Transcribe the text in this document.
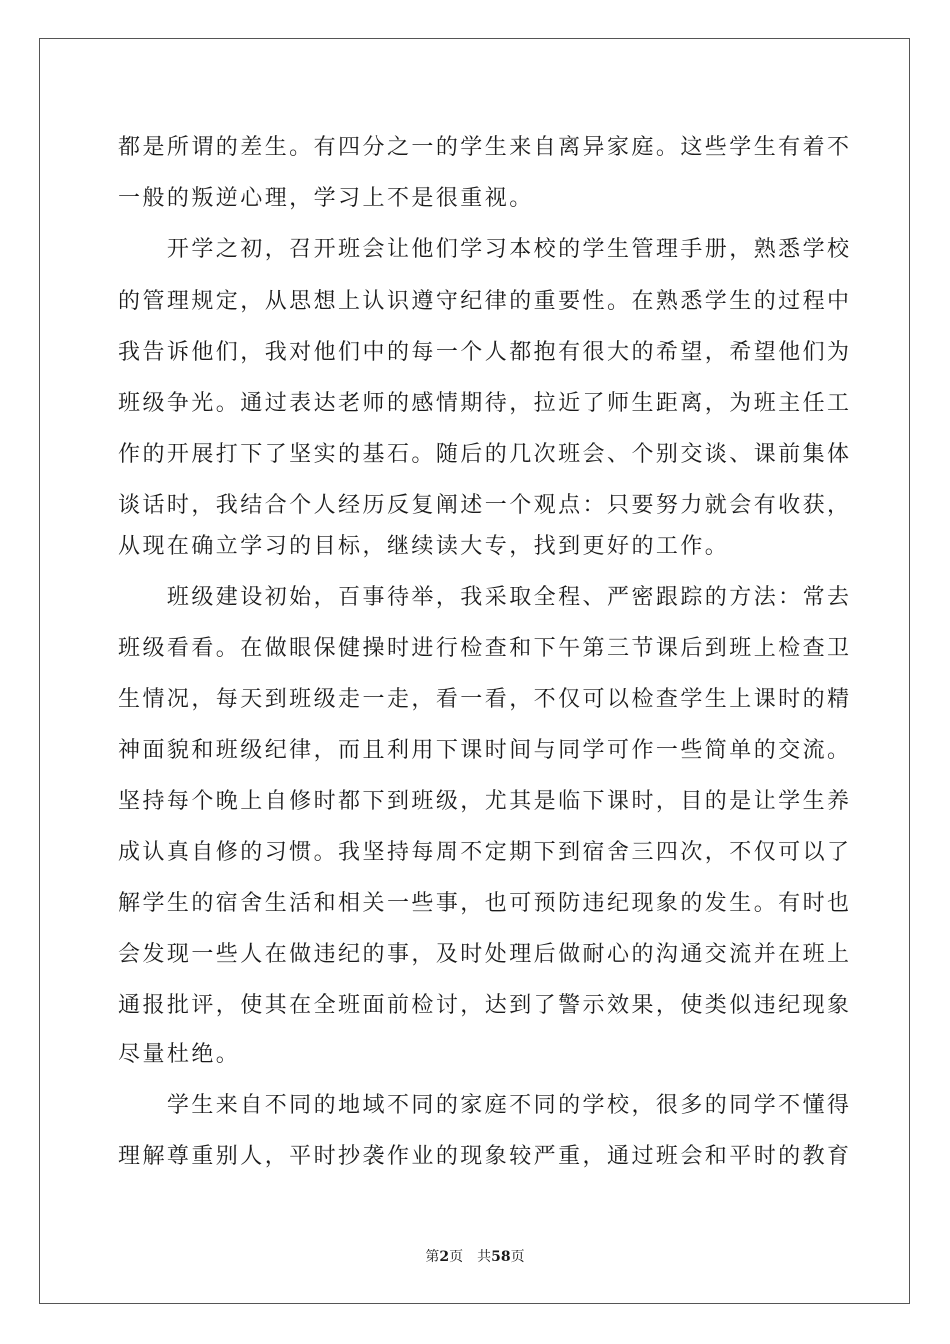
都是所谓的差生。有四分之一的学生来自离异家庭。这些学生有着不
一般的叛逆心理，学习上不是很重视。
　　开学之初，召开班会让他们学习本校的学生管理手册，熟悉学校
的管理规定，从思想上认识遵守纪律的重要性。在熟悉学生的过程中
我告诉他们，我对他们中的每一个人都抱有很大的希望，希望他们为
班级争光。通过表达老师的感情期待，拉近了师生距离，为班主任工
作的开展打下了坚实的基石。随后的几次班会、个别交谈、课前集体
谈话时，我结合个人经历反复阐述一个观点：只要努力就会有收获，
从现在确立学习的目标，继续读大专，找到更好的工作。
　　班级建设初始，百事待举，我采取全程、严密跟踪的方法：常去
班级看看。在做眼保健操时进行检查和下午第三节课后到班上检查卫
生情况，每天到班级走一走，看一看，不仅可以检查学生上课时的精
神面貌和班级纪律，而且利用下课时间与同学可作一些简单的交流。
坚持每个晚上自修时都下到班级，尤其是临下课时，目的是让学生养
成认真自修的习惯。我坚持每周不定期下到宿舍三四次，不仅可以了
解学生的宿舍生活和相关一些事，也可预防违纪现象的发生。有时也
会发现一些人在做违纪的事，及时处理后做耐心的沟通交流并在班上
通报批评，使其在全班面前检讨，达到了警示效果，使类似违纪现象
尽量杜绝。
　　学生来自不同的地域不同的家庭不同的学校，很多的同学不懂得
理解尊重别人，平时抄袭作业的现象较严重，通过班会和平时的教育
第2页 共58页
